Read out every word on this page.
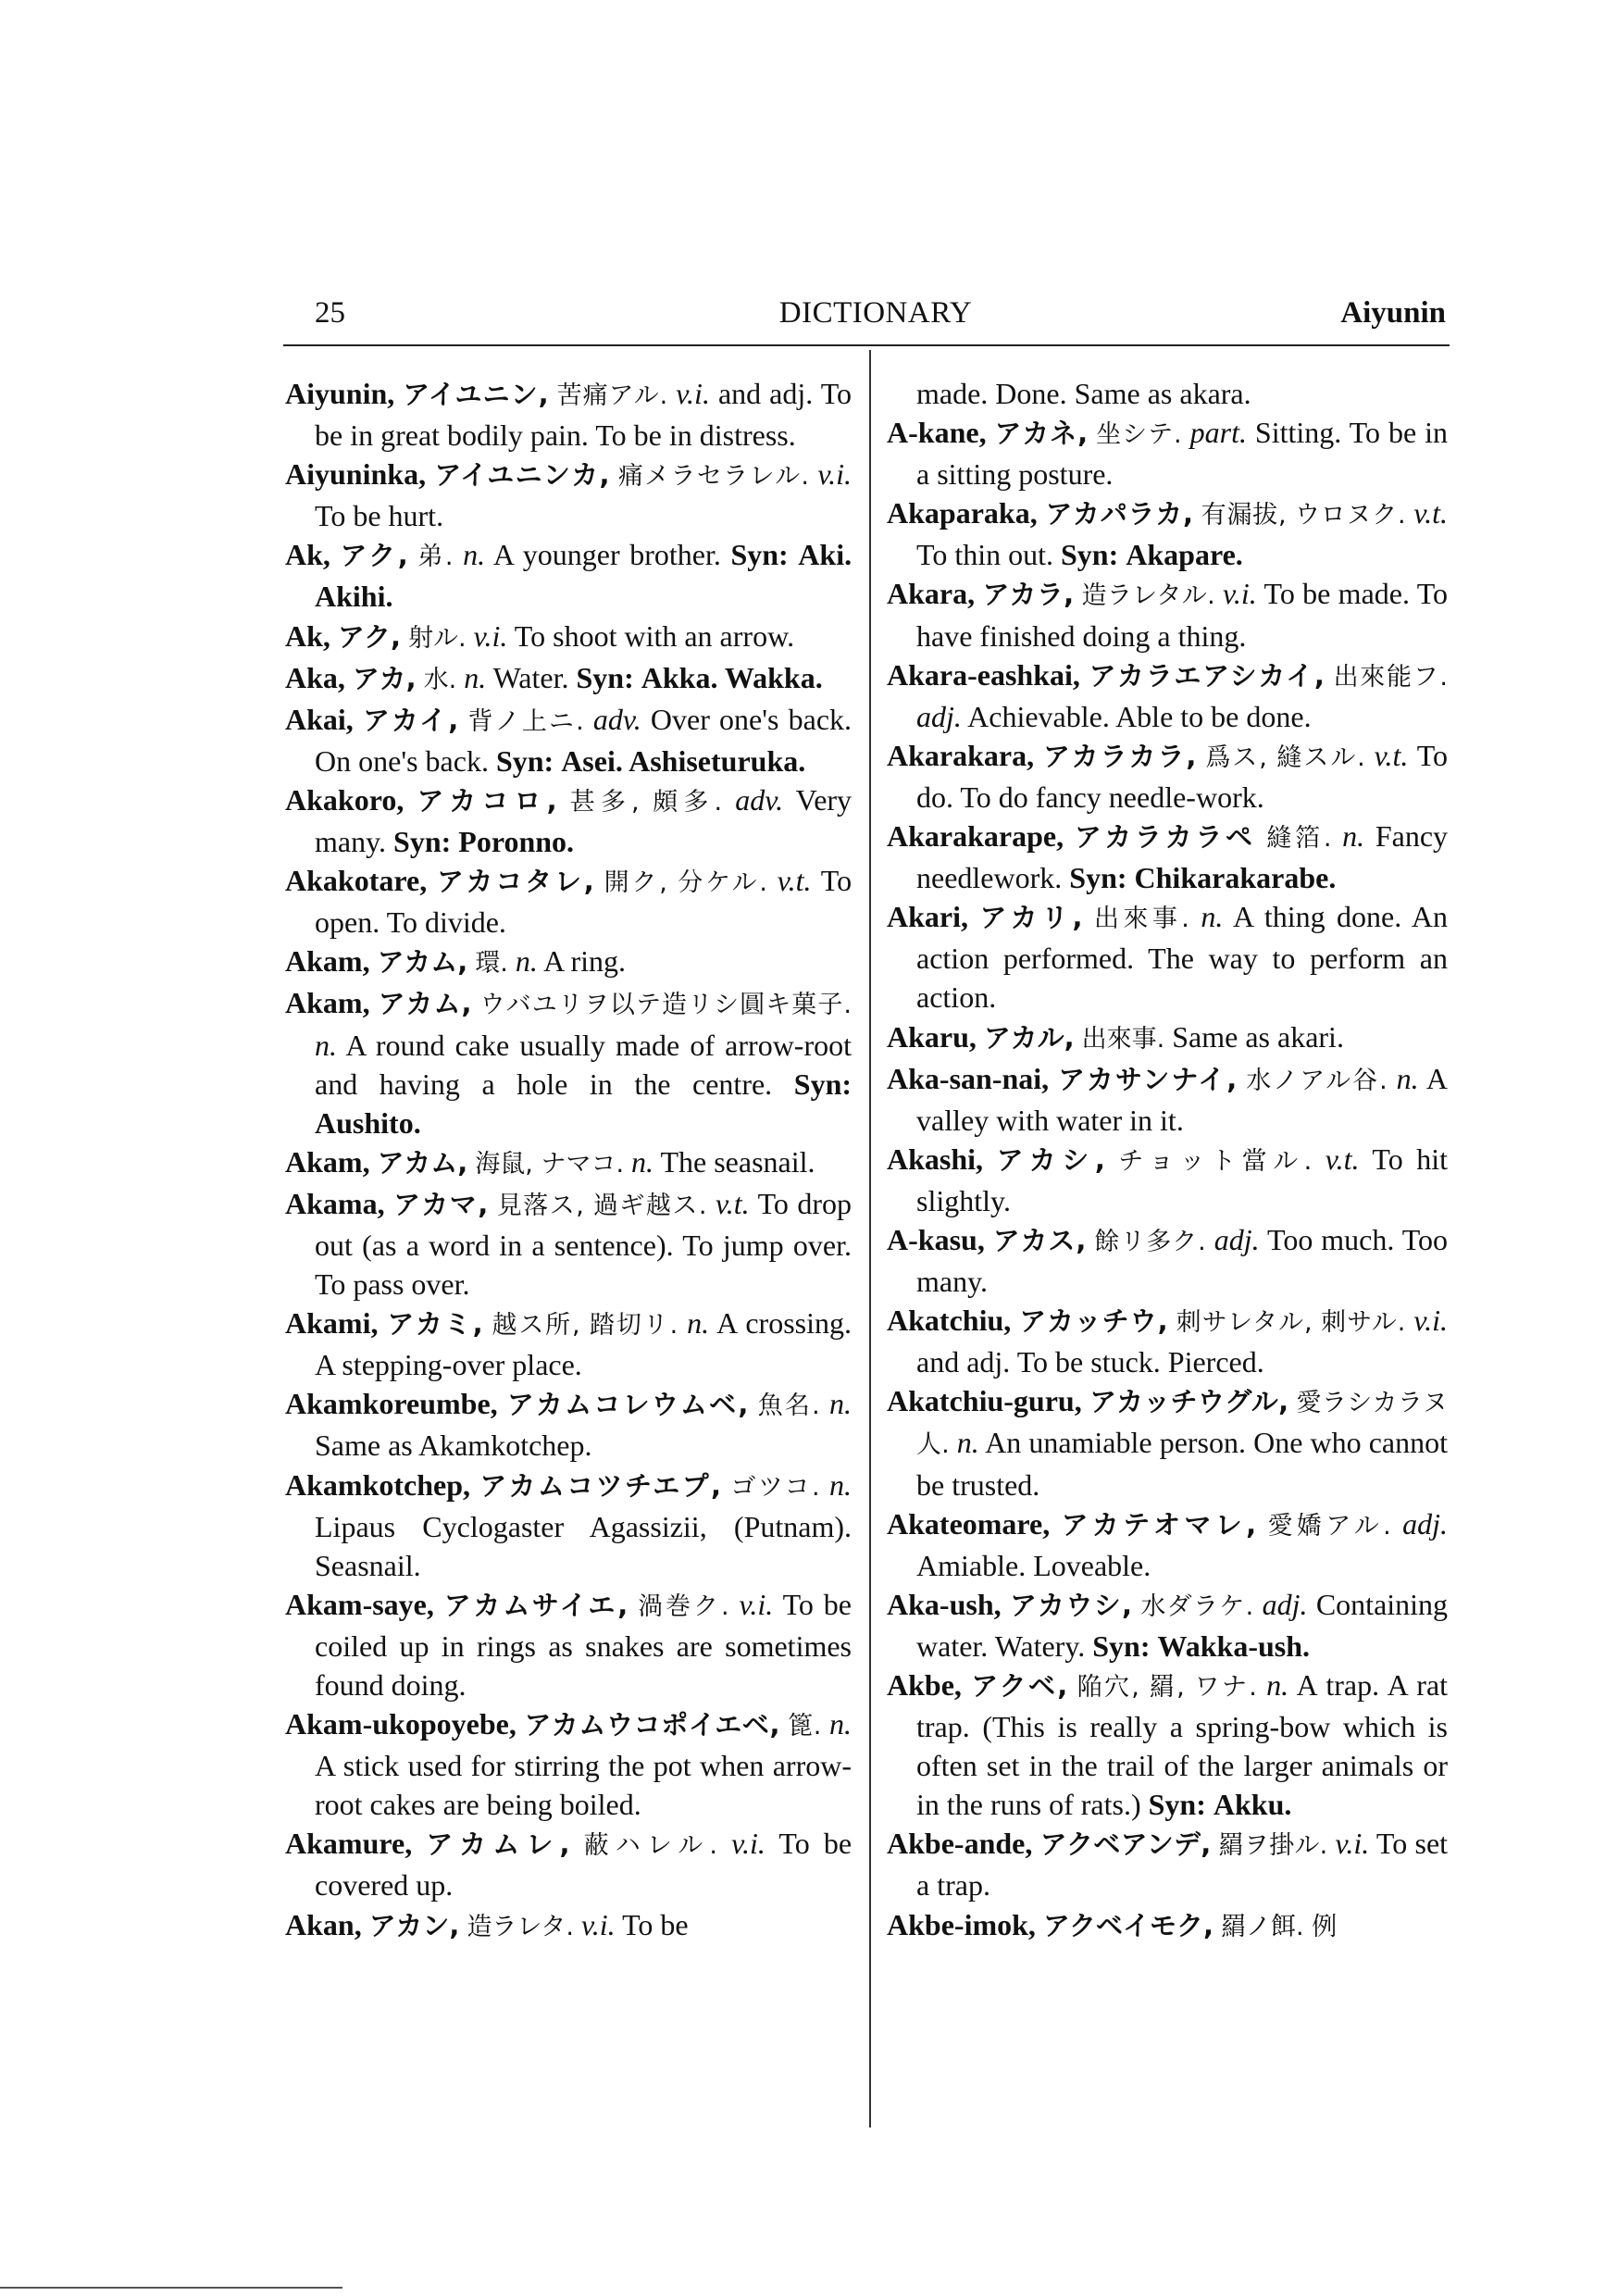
25	DICTIONARY	Aiyunin

Aiyunin, アイユニン, 苦痛アル. v.i. and adj. To be in great bodily pain. To be in distress.

Aiyuninka, アイユニンカ, 痛メラセラレル. v.i. To be hurt.

Ak, アク, 弟. n. A younger brother. Syn: Aki. Akihi.

Ak, アク, 射ル. v.i. To shoot with an arrow.

Aka, アカ, 水. n. Water. Syn: Akka. Wakka.

Akai, アカイ, 背ノ上ニ. adv. Over one's back. On one's back. Syn: Asei. Ashiseturuka.

Akakoro, アカコロ, 甚多, 頗多. adv. Very many. Syn: Poronno.

Akakotare, アカコタレ, 開ク, 分ケル. v.t. To open. To divide.

Akam, アカム, 環. n. A ring.

Akam, アカム, ウバユリヲ以テ造リシ圓キ菓子. n. A round cake usually made of arrow-root and having a hole in the centre. Syn: Aushito.

Akam, アカム, 海鼠, ナマコ. n. The seasnail.

Akama, アカマ, 見落ス, 過ギ越ス. v.t. To drop out (as a word in a sentence). To jump over. To pass over.

Akami, アカミ, 越ス所, 踏切リ. n. A crossing. A stepping-over place.

Akamkoreumbe, アカムコレウムベ, 魚名. n. Same as Akamkotchep.

Akamkotchep, アカムコツチエプ, ゴツコ. n. Lipaus Cyclogaster Agassizii, (Putnam). Seasnail.

Akam-saye, アカムサイエ, 渦巻ク. v.i. To be coiled up in rings as snakes are sometimes found doing.

Akam-ukopoyebe, アカムウコポイエベ, 篦. n. A stick used for stirring the pot when arrow-root cakes are being boiled.

Akamure, アカムレ, 蔽ハレル. v.i. To be covered up.

Akan, アカン, 造ラレタ. v.i. To be

made. Done. Same as akara.

A-kane, アカネ, 坐シテ. part. Sitting. To be in a sitting posture.

Akaparaka, アカパラカ, 有漏拔, ウロヌク. v.t. To thin out. Syn: Akapare.

Akara, アカラ, 造ラレタル. v.i. To be made. To have finished doing a thing.

Akara-eashkai, アカラエアシカイ, 出來能フ. adj. Achievable. Able to be done.

Akarakara, アカラカラ, 爲ス, 縫スル. v.t. To do. To do fancy needle-work.

Akarakarape, アカラカラペ 縫箔. n. Fancy needlework. Syn: Chikarakarabe.

Akari, アカリ, 出來事. n. A thing done. An action performed. The way to perform an action.

Akaru, アカル, 出來事. Same as akari.

Aka-san-nai, アカサンナイ, 水ノアル谷. n. A valley with water in it.

Akashi, アカシ, チョット當ル. v.t. To hit slightly.

A-kasu, アカス, 餘リ多ク. adj. Too much. Too many.

Akatchiu, アカッチウ, 刺サレタル, 刺サル. v.i. and adj. To be stuck. Pierced.

Akatchiu-guru, アカッチウグル, 愛ラシカラヌ人. n. An unamiable person. One who cannot be trusted.

Akateomare, アカテオマレ, 愛嬌アル. adj. Amiable. Loveable.

Aka-ush, アカウシ, 水ダラケ. adj. Containing water. Watery. Syn: Wakka-ush.

Akbe, アクベ, 陥穴, 羂, ワナ. n. A trap. A rat trap. (This is really a spring-bow which is often set in the trail of the larger animals or in the runs of rats.) Syn: Akku.

Akbe-ande, アクベアンデ, 羂ヲ掛ル. v.i. To set a trap.

Akbe-imok, アクベイモク, 羂ノ餌. 例
